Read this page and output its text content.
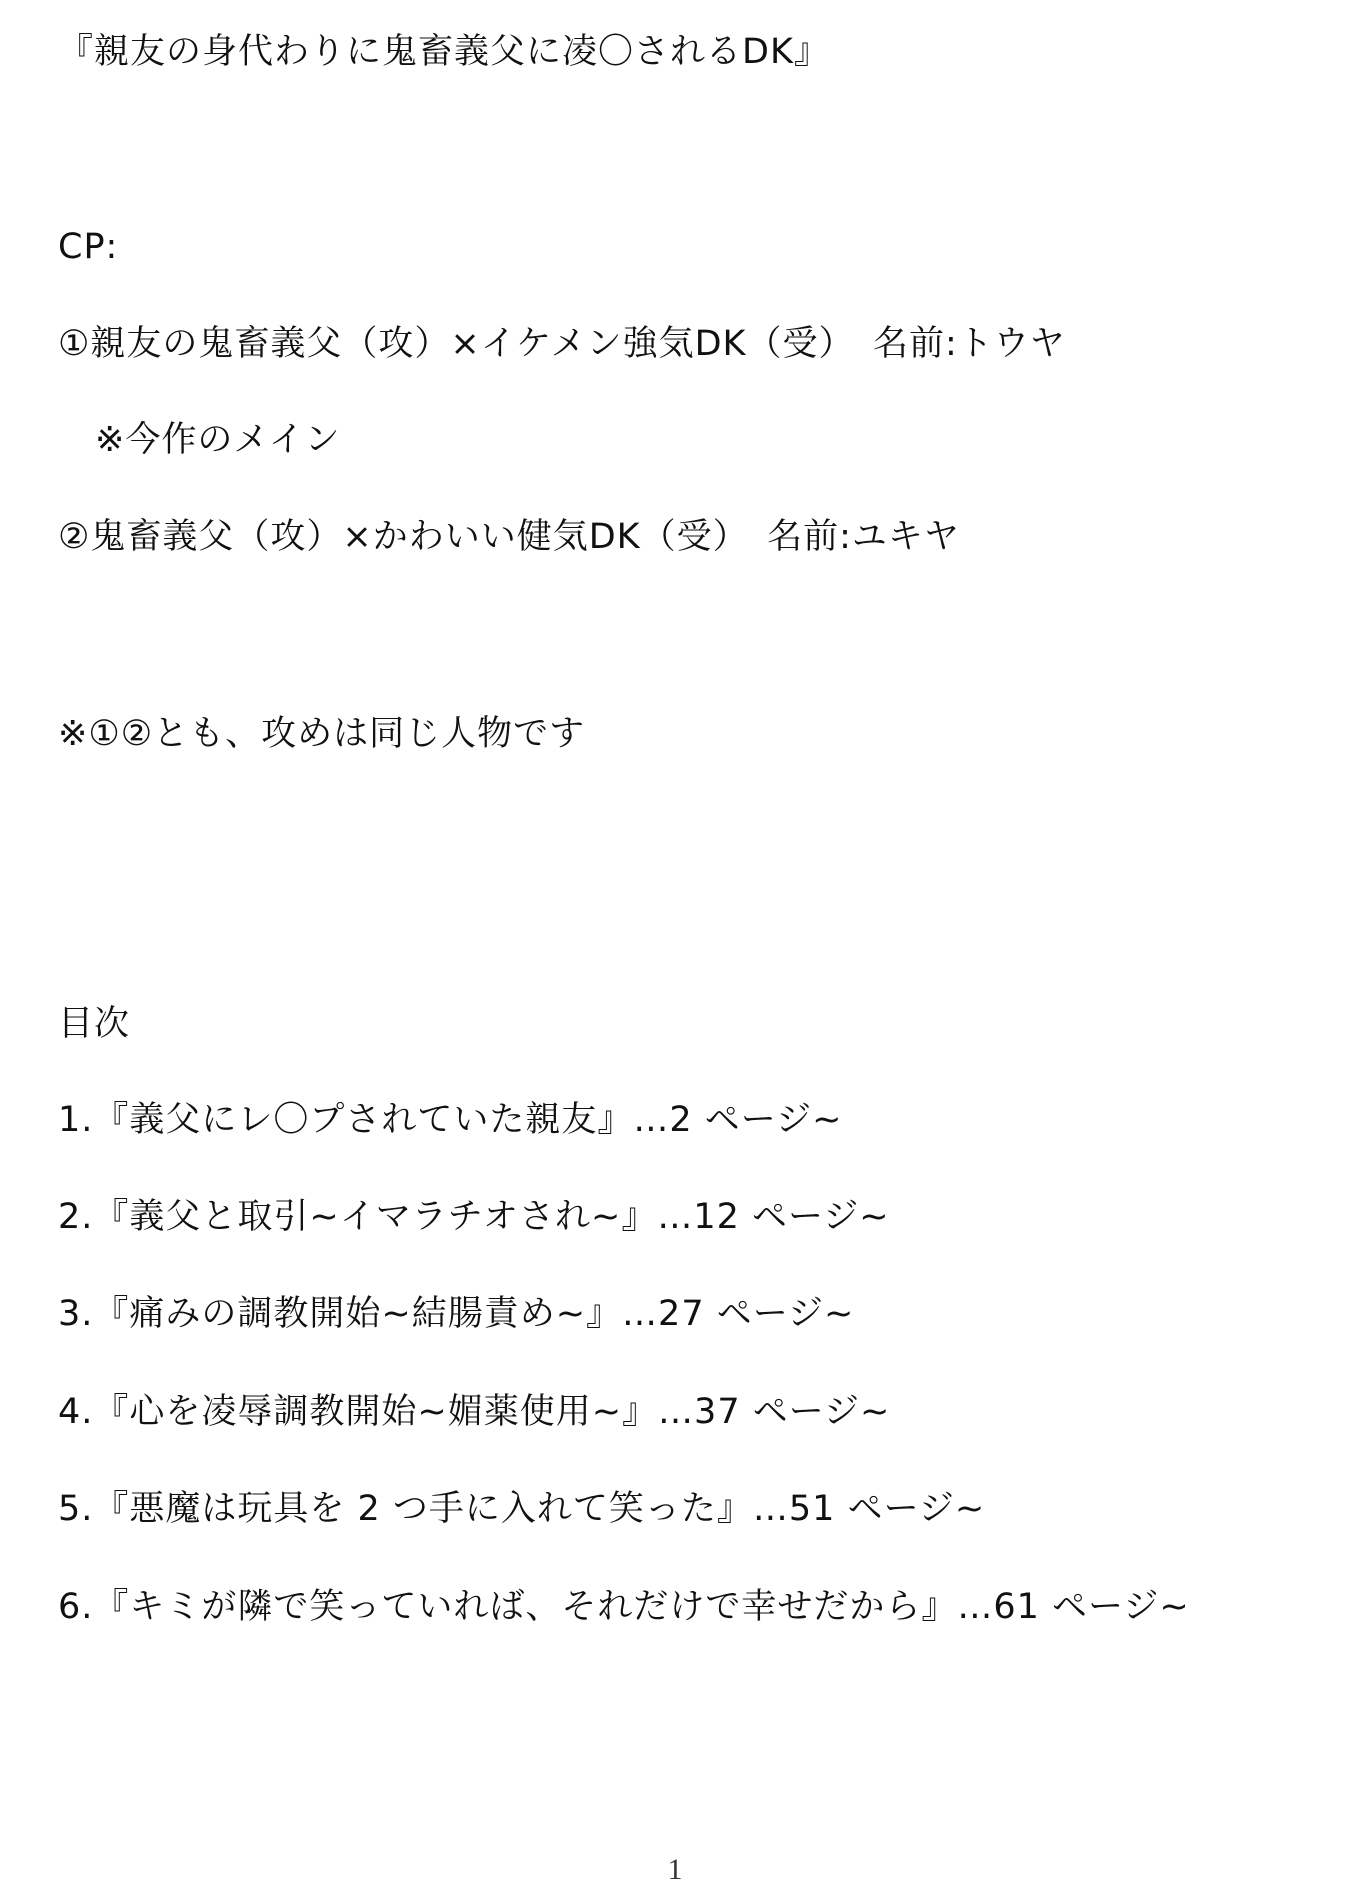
『親友の身代わりに鬼畜義父に凌〇されるDK』
CP:
①親友の鬼畜義父（攻）×イケメン強気DK（受）　名前:トウヤ
※今作のメイン
②鬼畜義父（攻）×かわいい健気DK（受）　名前:ユキヤ
※①②とも、攻めは同じ人物です
目次
1.『義父にレ〇プされていた親友』…2 ページ~
2.『義父と取引~イマラチオされ~』…12 ページ~
3.『痛みの調教開始~結腸責め~』…27 ページ~
4.『心を凌辱調教開始~媚薬使用~』…37 ページ~
5.『悪魔は玩具を 2 つ手に入れて笑った』…51 ページ~
6.『キミが隣で笑っていれば、それだけで幸せだから』…61 ページ~
1
